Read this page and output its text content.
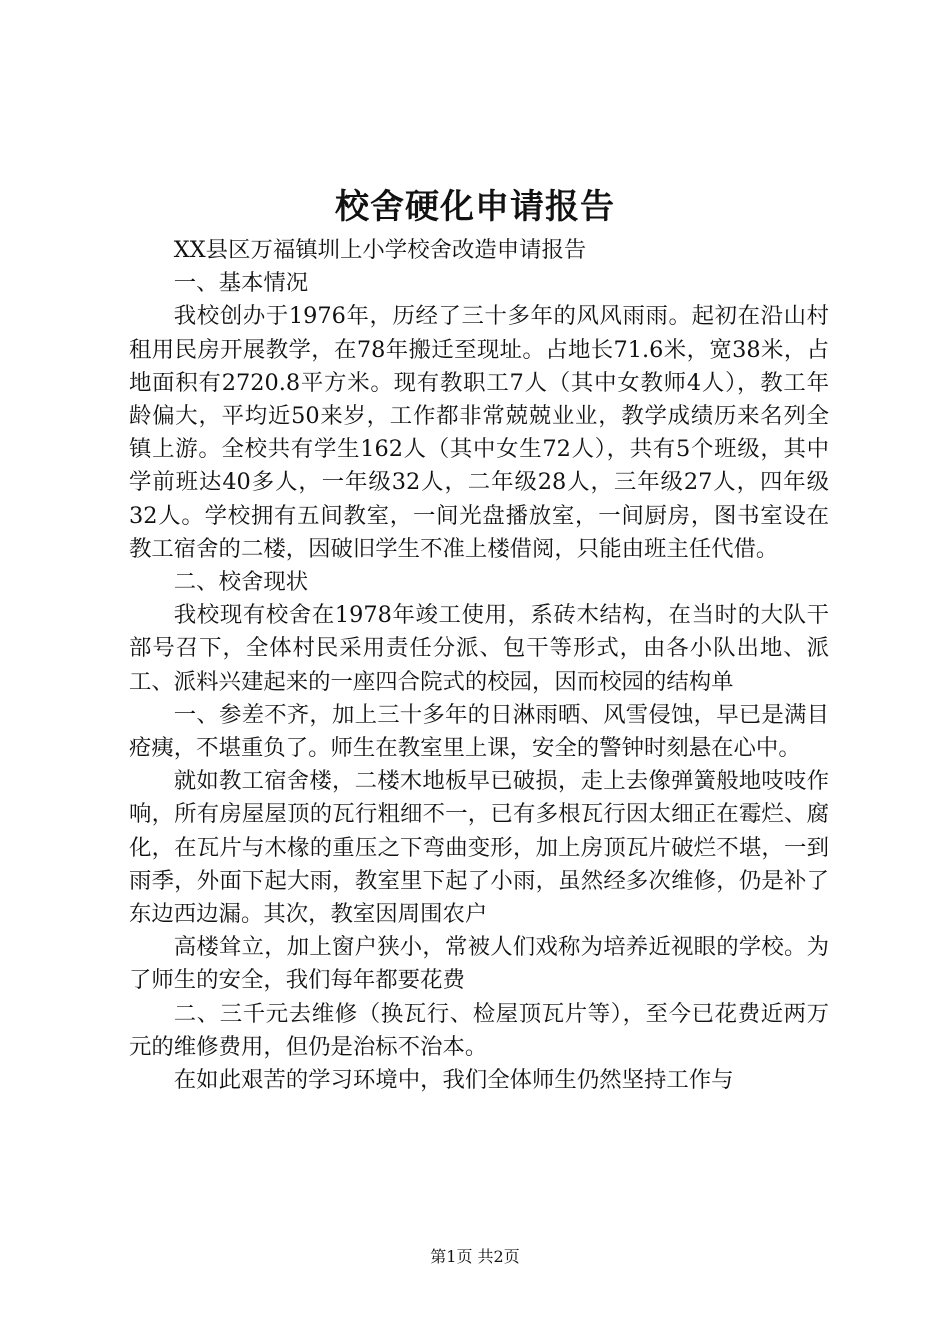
校舍硬化申请报告

XX县区万福镇圳上小学校舍改造申请报告

一、基本情况

我校创办于1976年，历经了三十多年的风风雨雨。起初在沿山村租用民房开展教学，在78年搬迁至现址。占地长71.6米，宽38米，占地面积有2720.8平方米。现有教职工7人（其中女教师4人），教工年龄偏大，平均近50来岁，工作都非常兢兢业业，教学成绩历来名列全镇上游。全校共有学生162人（其中女生72人），共有5个班级，其中学前班达40多人，一年级32人，二年级28人，三年级27人，四年级32人。学校拥有五间教室，一间光盘播放室，一间厨房，图书室设在教工宿舍的二楼，因破旧学生不准上楼借阅，只能由班主任代借。

二、校舍现状

我校现有校舍在1978年竣工使用，系砖木结构，在当时的大队干部号召下，全体村民采用责任分派、包干等形式，由各小队出地、派工、派料兴建起来的一座四合院式的校园，因而校园的结构单

一、参差不齐，加上三十多年的日淋雨晒、风雪侵蚀，早已是满目疮痍，不堪重负了。师生在教室里上课，安全的警钟时刻悬在心中。

就如教工宿舍楼，二楼木地板早已破损，走上去像弹簧般地吱吱作响，所有房屋屋顶的瓦行粗细不一，已有多根瓦行因太细正在霉烂、腐化，在瓦片与木椽的重压之下弯曲变形，加上房顶瓦片破烂不堪，一到雨季，外面下起大雨，教室里下起了小雨，虽然经多次维修，仍是补了东边西边漏。其次，教室因周围农户

高楼耸立，加上窗户狭小，常被人们戏称为培养近视眼的学校。为了师生的安全，我们每年都要花费

二、三千元去维修（换瓦行、检屋顶瓦片等），至今已花费近两万元的维修费用，但仍是治标不治本。

在如此艰苦的学习环境中，我们全体师生仍然坚持工作与

第1页 共2页
